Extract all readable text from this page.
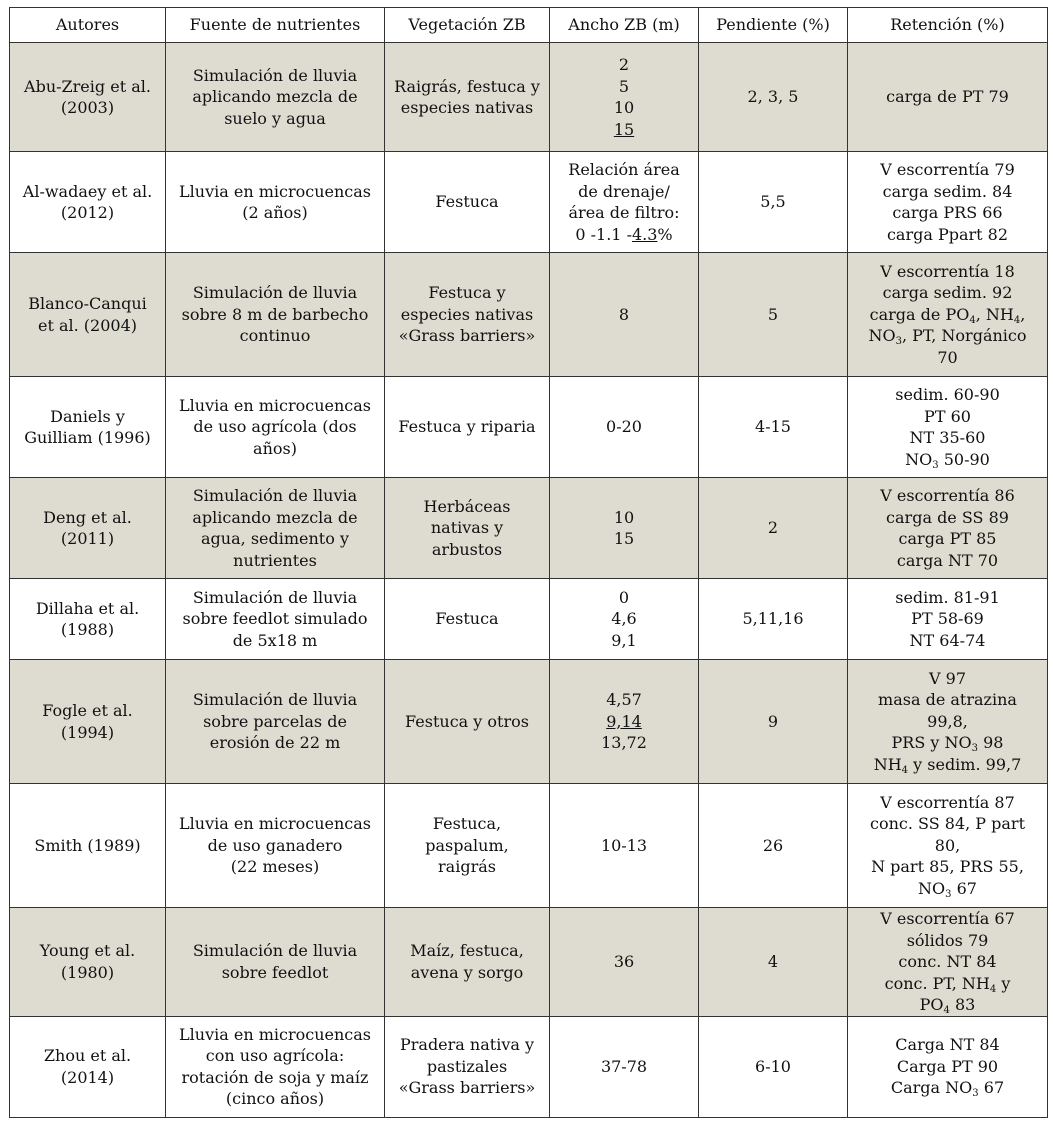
Autores	Fuente de nutrientes	Vegetación ZB	Ancho ZB (m)	Pendiente (%)	Retención (%)

Abu-Zreig et al.
(2003)	Simulación de lluvia
aplicando mezcla de
suelo y agua	Raigrás, festuca y
especies nativas	2
5
10
15	2, 3, 5	carga de PT 79

Al-wadaey et al.
(2012)	Lluvia en microcuencas
(2 años)	Festuca	Relación área
de drenaje/
área de filtro:
0 -1.1 -4.3%	5,5	V escorrentía 79
carga sedim. 84
carga PRS 66
carga Ppart 82

Blanco-Canqui
et al. (2004)	Simulación de lluvia
sobre 8 m de barbecho
continuo	Festuca y
especies nativas
«Grass barriers»	8	5	V escorrentía 18
carga sedim. 92
carga de $PO_4$, $NH_4$,
$NO_3$, PT, Norgánico
70

Daniels y
Guilliam (1996)	Lluvia en microcuencas
de uso agrícola (dos
años)	Festuca y riparia	0-20	4-15	sedim. 60-90
PT 60
NT 35-60
$NO_3$ 50-90

Deng et al.
(2011)	Simulación de lluvia
aplicando mezcla de
agua, sedimento y
nutrientes	Herbáceas
nativas y
arbustos	10
15	2	V escorrentía 86
carga de SS 89
carga PT 85
carga NT 70

Dillaha et al.
(1988)	Simulación de lluvia
sobre feedlot simulado
de 5x18 m	Festuca	0
4,6
9,1	5,11,16	sedim. 81-91
PT 58-69
NT 64-74

Fogle et al.
(1994)	Simulación de lluvia
sobre parcelas de
erosión de 22 m	Festuca y otros	4,57
9,14
13,72	9	V 97
masa de atrazina
99,8,
PRS y $NO_3$ 98
$NH_4$ y sedim. 99,7

Smith (1989)	Lluvia en microcuencas
de uso ganadero
(22 meses)	Festuca,
paspalum,
raigrás	10-13	26	V escorrentía 87
conc. SS 84, P part
80,
N part 85, PRS 55,
$NO_3$ 67

Young et al.
(1980)	Simulación de lluvia
sobre feedlot	Maíz, festuca,
avena y sorgo	36	4	V escorrentía 67
sólidos 79
conc. NT 84
conc. PT, $NH_4$ y
$PO_4$ 83

Zhou et al.
(2014)	Lluvia en microcuencas
con uso agrícola:
rotación de soja y maíz
(cinco años)	Pradera nativa y
pastizales
«Grass barriers»	37-78	6-10	Carga NT 84
Carga PT 90
Carga $NO_3$ 67
